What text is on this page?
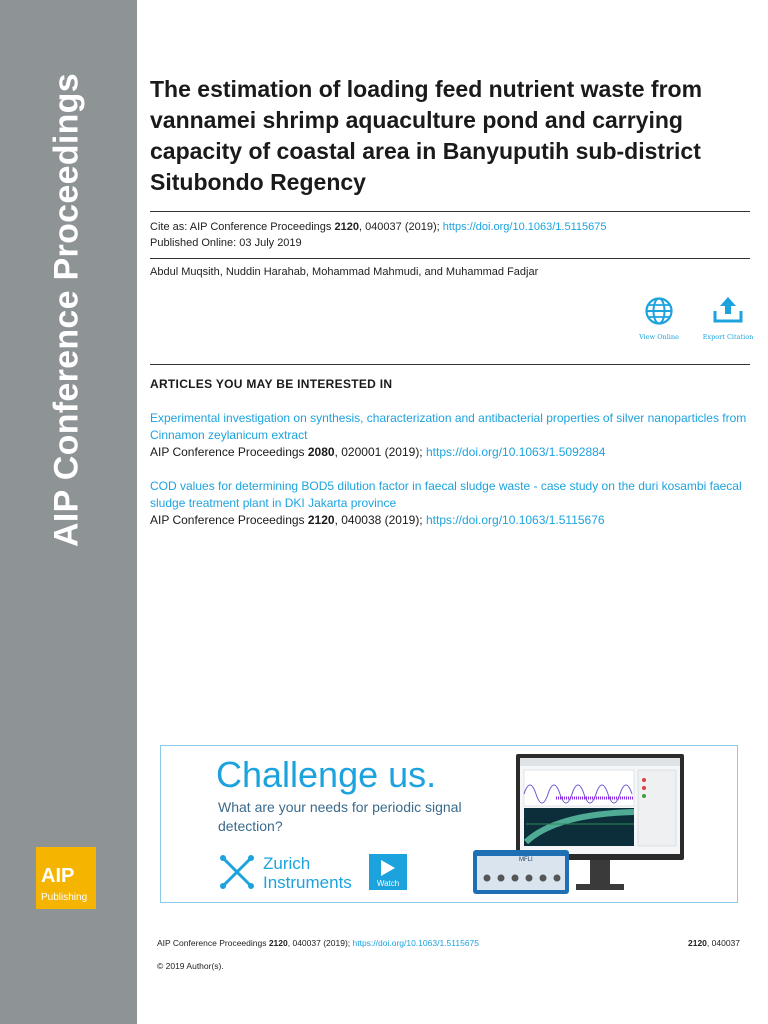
AIP Conference Proceedings
AIP
Publishing
The estimation of loading feed nutrient waste from vannamei shrimp aquaculture pond and carrying capacity of coastal area in Banyuputih sub-district Situbondo Regency
Cite as: AIP Conference Proceedings 2120, 040037 (2019); https://doi.org/10.1063/1.5115675
Published Online: 03 July 2019
Abdul Muqsith, Nuddin Harahab, Mohammad Mahmudi, and Muhammad Fadjar
View Online	Export Citation
ARTICLES YOU MAY BE INTERESTED IN
Experimental investigation on synthesis, characterization and antibacterial properties of silver nanoparticles from Cinnamon zeylanicum extract
AIP Conference Proceedings 2080, 020001 (2019); https://doi.org/10.1063/1.5092884
COD values for determining BOD5 dilution factor in faecal sludge waste - case study on the duri kosambi faecal sludge treatment plant in DKI Jakarta province
AIP Conference Proceedings 2120, 040038 (2019); https://doi.org/10.1063/1.5115676
Challenge us.
What are your needs for periodic signal detection?
Zurich
Instruments	Watch
MFLI
AIP Conference Proceedings 2120, 040037 (2019); https://doi.org/10.1063/1.5115675	2120, 040037
© 2019 Author(s).
